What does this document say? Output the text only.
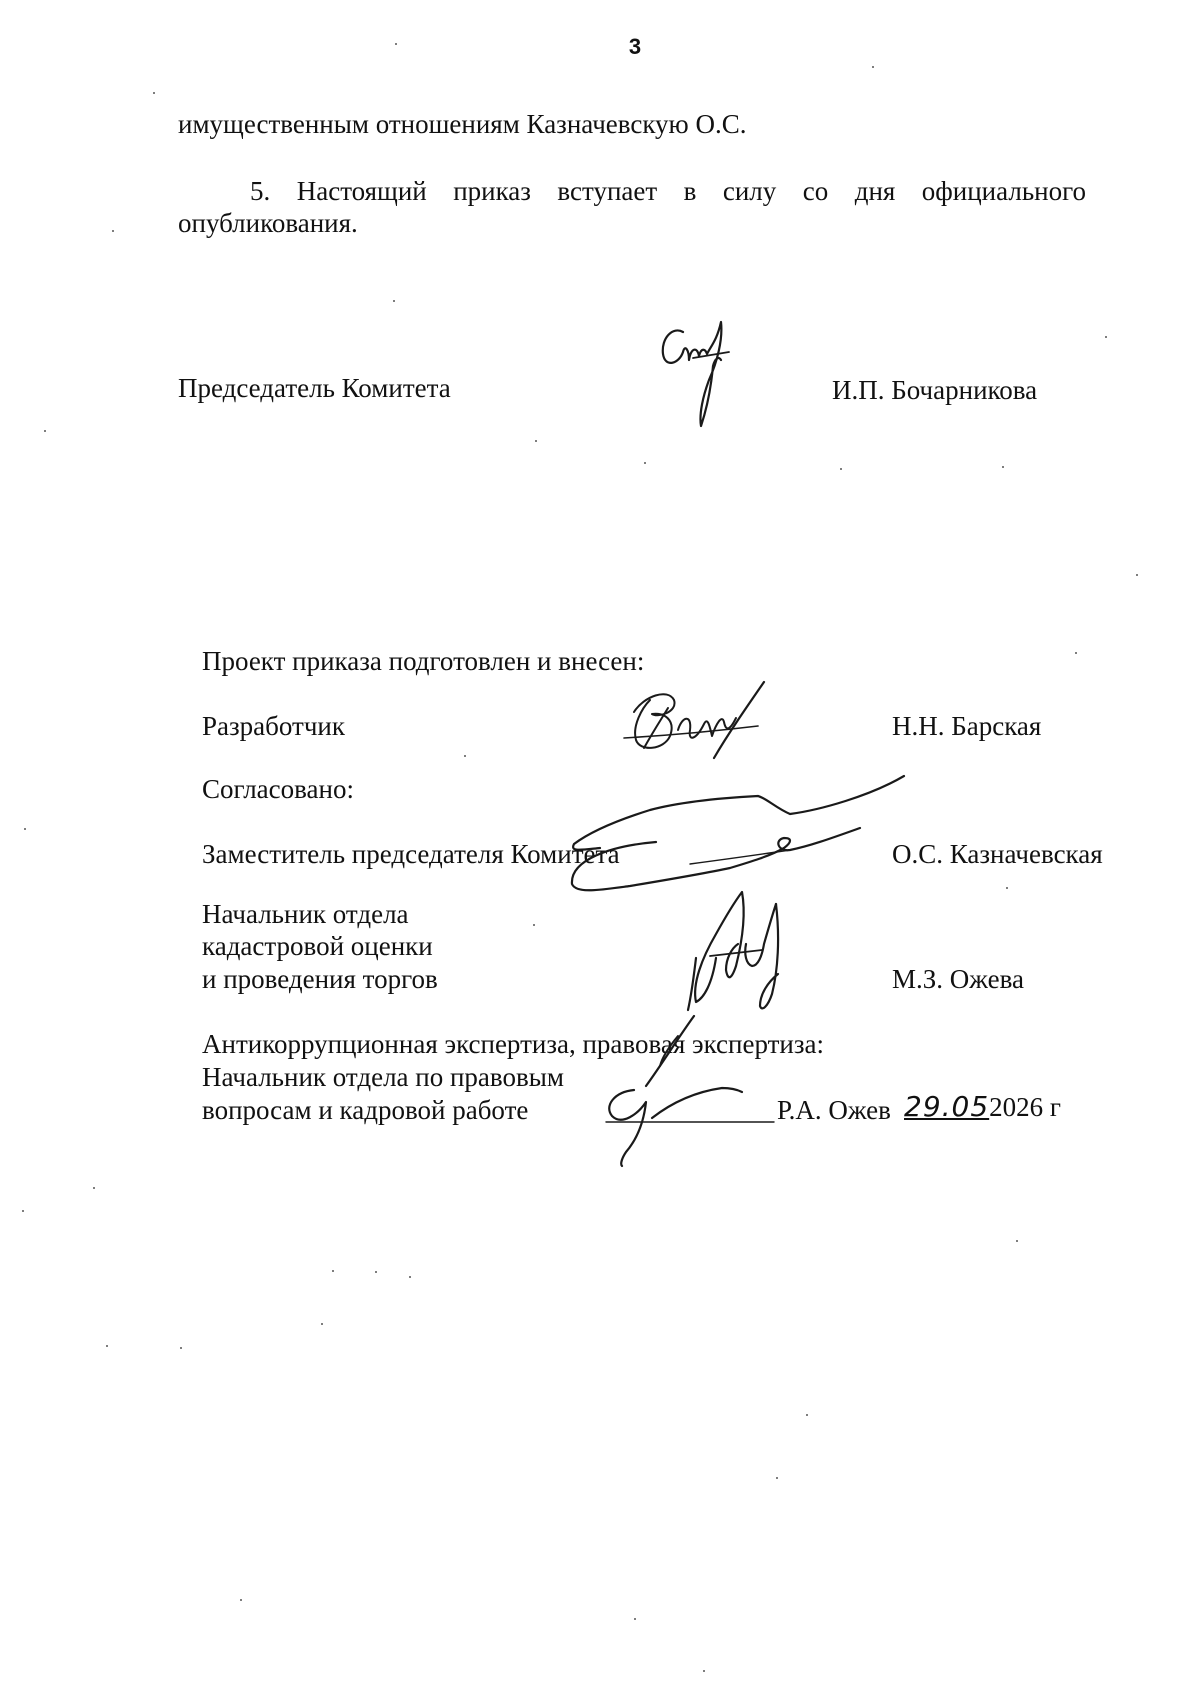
3
имущественным отношениям Казначевскую О.С.
5. Настоящий приказ вступает в силу со дня официального
опубликования.
Председатель Комитета	И.П. Бочарникова
Проект приказа подготовлен и внесен:
Разработчик	Н.Н. Барская
Согласовано:
Заместитель председателя Комитета	О.С. Казначевская
Начальник отдела
кадастровой оценки
и проведения торгов	М.З. Ожева
Антикоррупционная экспертиза, правовая экспертиза:
Начальник отдела по правовым
вопросам и кадровой работе	Р.А. Ожев 29.052026 г
